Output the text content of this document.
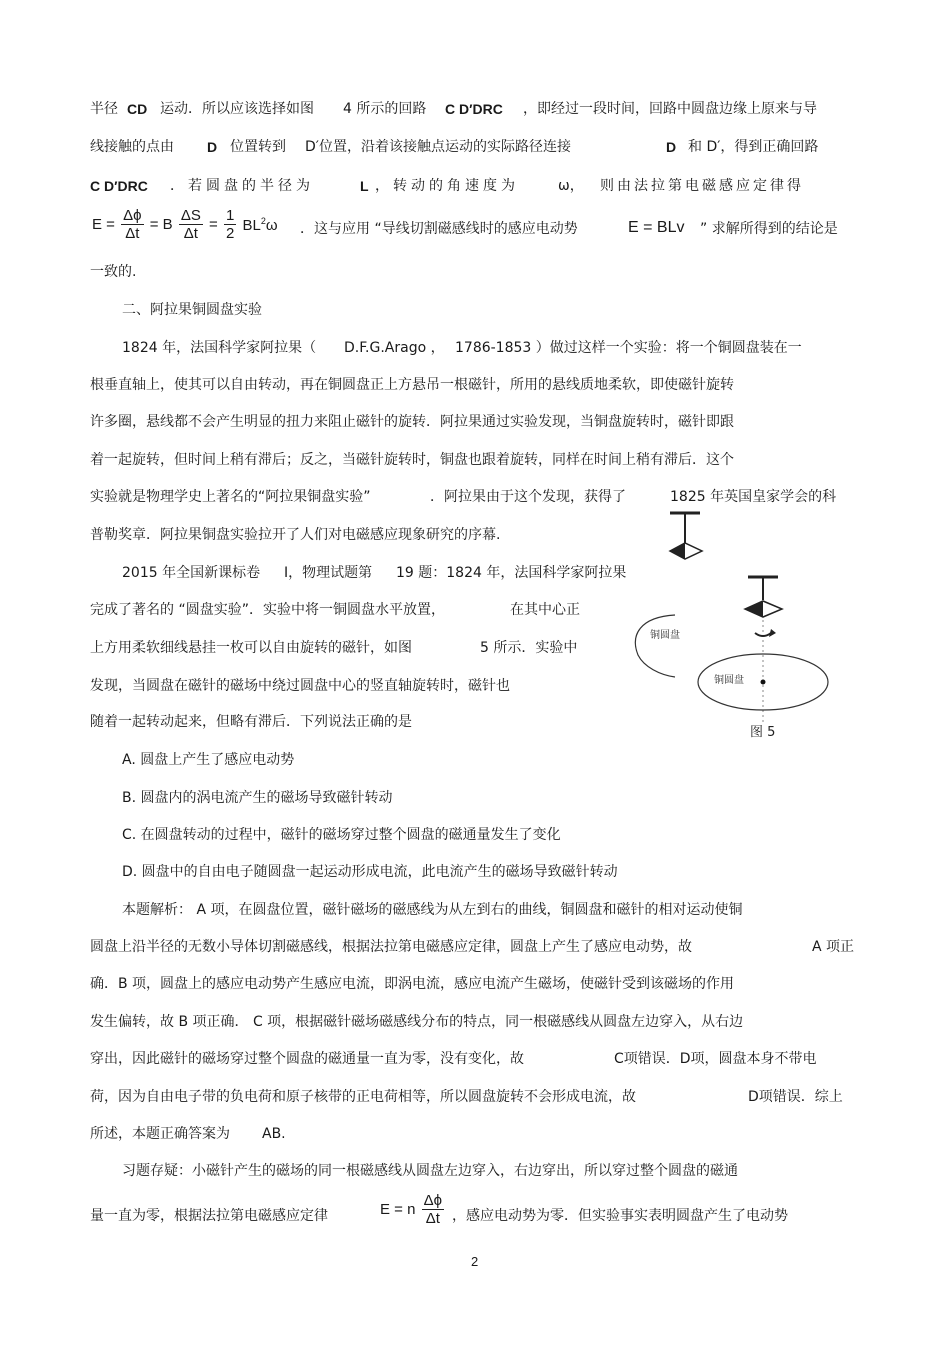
半径 CD 运动．所以应该选择如图 4 所示的回路 C D′DRC ，即经过一段时间，回路中圆盘边缘上原来与导
线接触的点由 D 位置转到 D′位置，沿着该接触点运动的实际路径连接	D 和 D′，得到正确回路
C D′DRC ．若圆盘的半径为	L ，转动的角速度为	ω， 则由法拉第电磁感应定律得
$E = \frac{\Delta\phi}{\Delta t} = B \frac{\Delta S}{\Delta t} = \frac{1}{2} BL^2\omega$ ．这与应用 “导线切割磁感线时的感应电动势	E = BLv ” 求解所得到的结论是
一致的.
二、阿拉果铜圆盘实验
1824 年，法国科学家阿拉果（ D.F.G.Arago ， 1786-1853 ）做过这样一个实验：将一个铜圆盘装在一
根垂直轴上，使其可以自由转动，再在铜圆盘正上方悬吊一根磁针，所用的悬线质地柔软，即使磁针旋转
许多圈，悬线都不会产生明显的扭力来阻止磁针的旋转．阿拉果通过实验发现，当铜盘旋转时，磁针即跟
着一起旋转，但时间上稍有滞后；反之，当磁针旋转时，铜盘也跟着旋转，同样在时间上稍有滞后．这个
实验就是物理学史上著名的“阿拉果铜盘实验”	．阿拉果由于这个发现，获得了	1825 年英国皇家学会的科
普勒奖章．阿拉果铜盘实验拉开了人们对电磁感应现象研究的序幕.
2015 年全国新课标卷 Ⅰ，物理试题第 19 题：1824 年，法国科学家阿拉果
完成了著名的 “圆盘实验”．实验中将一铜圆盘水平放置，	在其中心正
上方用柔软细线悬挂一枚可以自由旋转的磁针，如图	5 所示．实验中
发现，当圆盘在磁针的磁场中绕过圆盘中心的竖直轴旋转时，磁针也
随着一起转动起来，但略有滞后．下列说法正确的是
A. 圆盘上产生了感应电动势
B. 圆盘内的涡电流产生的磁场导致磁针转动
C. 在圆盘转动的过程中，磁针的磁场穿过整个圆盘的磁通量发生了变化
D. 圆盘中的自由电子随圆盘一起运动形成电流，此电流产生的磁场导致磁针转动
本题解析： A 项，在圆盘位置，磁针磁场的磁感线为从左到右的曲线，铜圆盘和磁针的相对运动使铜
圆盘上沿半径的无数小导体切割磁感线，根据法拉第电磁感应定律，圆盘上产生了感应电动势，故	A 项正
确．B 项，圆盘上的感应电动势产生感应电流，即涡电流，感应电流产生磁场，使磁针受到该磁场的作用
发生偏转，故 B 项正确． C 项，根据磁针磁场磁感线分布的特点，同一根磁感线从圆盘左边穿入，从右边
穿出，因此磁针的磁场穿过整个圆盘的磁通量一直为零，没有变化，故	C项错误．D项，圆盘本身不带电
荷，因为自由电子带的负电荷和原子核带的正电荷相等，所以圆盘旋转不会形成电流，故	D项错误．综上
所述，本题正确答案为 AB.
习题存疑：小磁针产生的磁场的同一根磁感线从圆盘左边穿入，右边穿出，所以穿过整个圆盘的磁通
量一直为零，根据法拉第电磁感应定律	E = n $\frac{\Delta\phi}{\Delta t}$ ，感应电动势为零．但实验事实表明圆盘产生了电动势
铜圆盘
铜圆盘
图 5
2
